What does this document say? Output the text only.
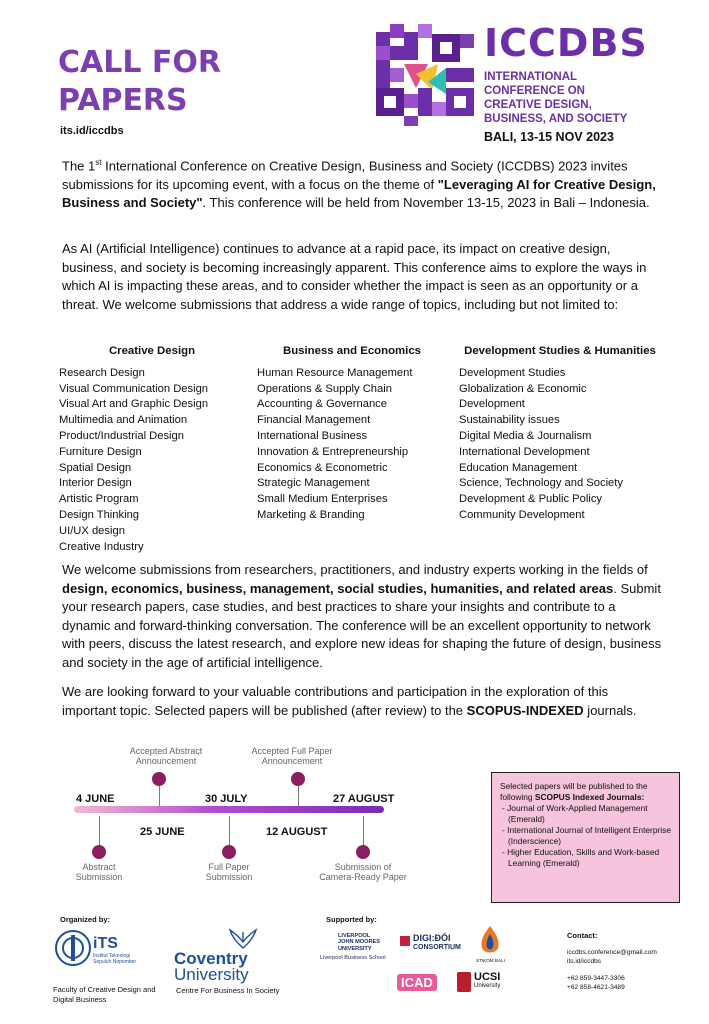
CALL FOR
PAPERS
its.id/iccdbs
ICCDBS
INTERNATIONAL CONFERENCE ON CREATIVE DESIGN, BUSINESS, AND SOCIETY
BALI, 13-15 NOV 2023
The 1st International Conference on Creative Design, Business and Society (ICCDBS) 2023 invites submissions for its upcoming event, with a focus on the theme of "Leveraging AI for Creative Design, Business and Society". This conference will be held from November 13-15, 2023 in Bali – Indonesia.
As AI (Artificial Intelligence) continues to advance at a rapid pace, its impact on creative design, business, and society is becoming increasingly apparent. This conference aims to explore the ways in which AI is impacting these areas, and to consider whether the impact is seen as an opportunity or a threat. We welcome submissions that address a wide range of topics, including but not limited to:
Creative Design
Research Design
Visual Communication Design
Visual Art and Graphic Design
Multimedia and Animation
Product/Industrial Design
Furniture Design
Spatial Design
Interior Design
Artistic Program
Design Thinking
UI/UX design
Creative Industry
Business and Economics
Human Resource Management
Operations & Supply Chain
Accounting & Governance
Financial Management
International Business
Innovation & Entrepreneurship
Economics & Econometric
Strategic Management
Small Medium Enterprises
Marketing & Branding
Development Studies & Humanities
Development Studies
Globalization & Economic
Development
Sustainability issues
Digital Media & Journalism
International Development
Education Management
Science, Technology and Society
Development & Public Policy
Community Development
We welcome submissions from researchers, practitioners, and industry experts working in the fields of design, economics, business, management, social studies, humanities, and related areas. Submit your research papers, case studies, and best practices to share your insights and contribute to a dynamic and forward-thinking conversation. The conference will be an excellent opportunity to network with peers, discuss the latest research, and explore new ideas for shaping the future of design, business and society in the age of artificial intelligence.
We are looking forward to your valuable contributions and participation in the exploration of this important topic. Selected papers will be published (after review) to the SCOPUS-INDEXED journals.
4 JUNE
Abstract
Submission
Accepted Abstract
Announcement
25 JUNE
30 JULY
Full Paper
Submission
Accepted Full Paper
Announcement
12 AUGUST
27 AUGUST
Submission of
Camera-Ready Paper
Selected papers will be published to the following SCOPUS Indexed Journals:
- Journal of Work-Applied Management (Emerald)
- International Journal of Intelligent Enterprise (Inderscience)
- Higher Education, Skills and Work-based Learning (Emerald)
Organized by:
iTS
Institut Teknologi Sepuluh Nopember
Faculty of Creative Design and Digital Business
Coventry
University
Centre For Business In Society
Supported by:
LIVERPOOL
JOHN MOORES
UNIVERSITY
Liverpool Business School
DIGI:ĐỔI
CONSORTIUM
STIKOM BALI
ICAD	UCSI
University
Contact:
iccdbs.conference@gmail.com
its.id/iccdbs
+62 859-3447-3306
+62 858-4621-3489
